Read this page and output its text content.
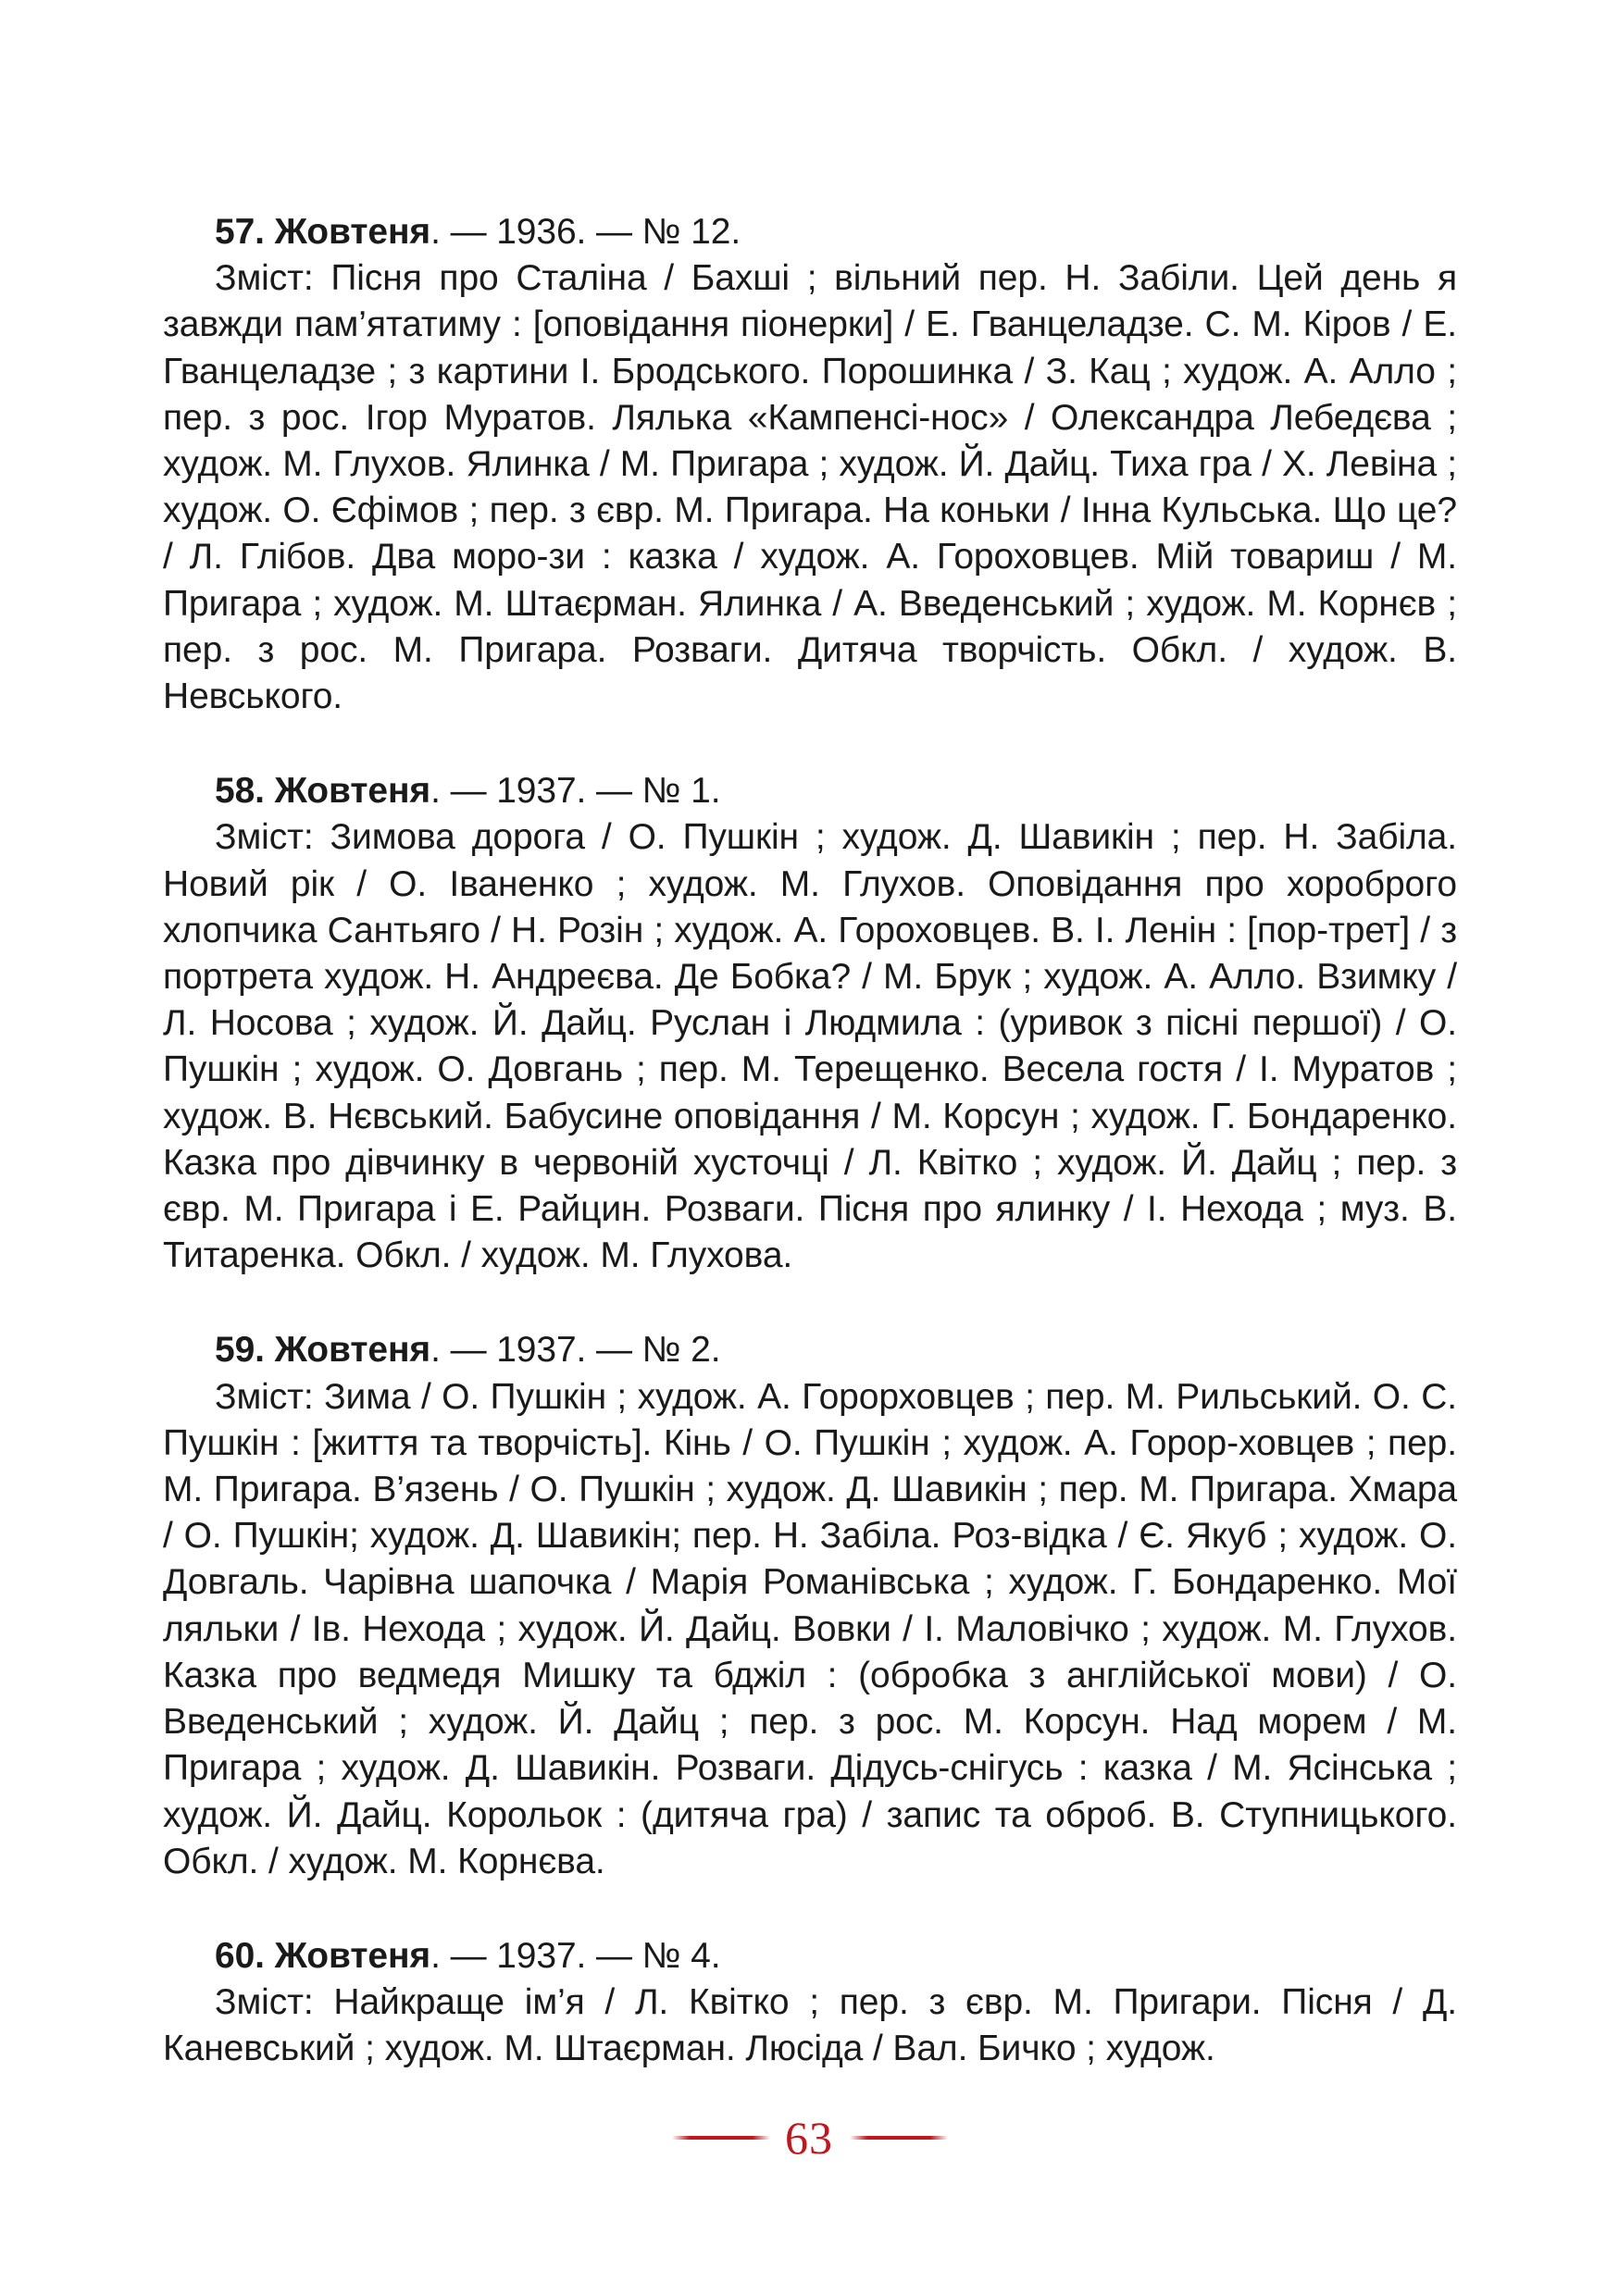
57. Жовтеня. — 1936. — № 12.

Зміст: Пісня про Сталіна / Бахші ; вільний пер. Н. Забіли. Цей день я завжди пам’ятатиму : [оповідання піонерки] / Е. Гванцеладзе. С. М. Кіров / Е. Гванцеладзе ; з картини І. Бродського. Порошинка / З. Кац ; худож. А. Алло ; пер. з рос. Ігор Муратов. Лялька «Кампенсі-нос» / Олександра Лебедєва ; худож. М. Глухов. Ялинка / М. Пригара ; худож. Й. Дайц. Тиха гра / Х. Левіна ; худож. О. Єфімов ; пер. з євр. М. Пригара. На коньки / Інна Кульська. Що це? / Л. Глібов. Два моро-зи : казка / худож. А. Гороховцев. Мій товариш / М. Пригара ; худож. М. Штаєрман. Ялинка / А. Введенський ; худож. М. Корнєв ; пер. з рос. М. Пригара. Розваги. Дитяча творчість. Обкл. / худож. В. Невського.

58. Жовтеня. — 1937. — № 1.

Зміст: Зимова дорога / О. Пушкін ; худож. Д. Шавикін ; пер. Н. Забіла. Новий рік / О. Іваненко ; худож. М. Глухов. Оповідання про хороброго хлопчика Сантьяго / Н. Розін ; худож. А. Гороховцев. В. І. Ленін : [пор-трет] / з портрета худож. Н. Андреєва. Де Бобка? / М. Брук ; худож. А. Алло. Взимку / Л. Носова ; худож. Й. Дайц. Руслан і Людмила : (уривок з пісні першої) / О. Пушкін ; худож. О. Довгань ; пер. М. Терещенко. Весела гостя / І. Муратов ; худож. В. Нєвський. Бабусине оповідання / М. Корсун ; худож. Г. Бондаренко. Казка про дівчинку в червоній хусточці / Л. Квітко ; худож. Й. Дайц ; пер. з євр. М. Пригара і Е. Райцин. Розваги. Пісня про ялинку / І. Нехода ; муз. В. Титаренка. Обкл. / худож. М. Глухова.

59. Жовтеня. — 1937. — № 2.

Зміст: Зима / О. Пушкін ; худож. А. Горорховцев ; пер. М. Рильський. О. С. Пушкін : [життя та творчість]. Кінь / О. Пушкін ; худож. А. Горор-ховцев ; пер. М. Пригара. В’язень / О. Пушкін ; худож. Д. Шавикін ; пер. М. Пригара. Хмара / О. Пушкін; худож. Д. Шавикін; пер. Н. Забіла. Роз-відка / Є. Якуб ; худож. О. Довгаль. Чарівна шапочка / Марія Романівська ; худож. Г. Бондаренко. Мої ляльки / Ів. Нехода ; худож. Й. Дайц. Вовки / І. Маловічко ; худож. М. Глухов. Казка про ведмедя Мишку та бджіл : (обробка з англійської мови) / О. Введенський ; худож. Й. Дайц ; пер. з рос. М. Корсун. Над морем / М. Пригара ; худож. Д. Шавикін. Розваги. Дідусь-снігусь : казка / М. Ясінська ; худож. Й. Дайц. Корольок : (дитяча гра) / запис та оброб. В. Ступницького. Обкл. / худож. М. Корнєва.

60. Жовтеня. — 1937. — № 4.

Зміст: Найкраще ім’я / Л. Квітко ; пер. з євр. М. Пригари. Пісня / Д. Каневський ; худож. М. Штаєрман. Люсіда / Вал. Бичко ; худож.

63
